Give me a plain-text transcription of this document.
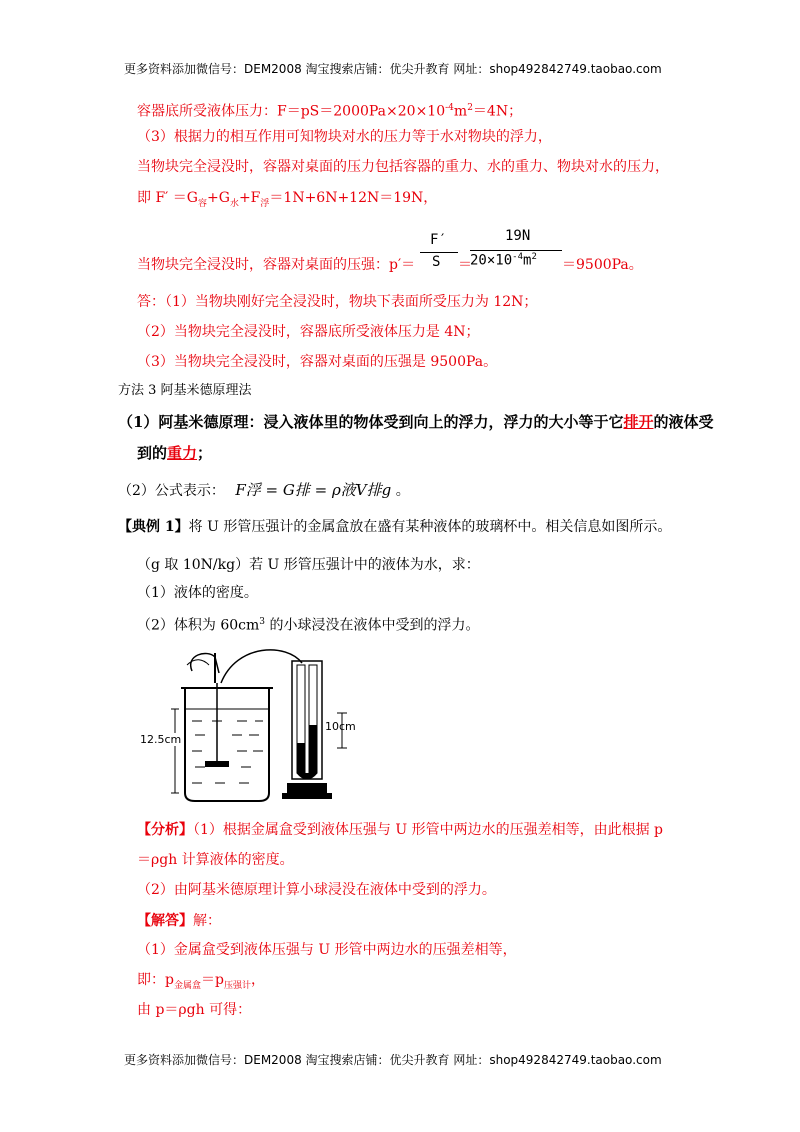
更多资料添加微信号：DEM2008 淘宝搜索店铺：优尖升教育 网址：shop492842749.taobao.com
容器底所受液体压力：$F=pS=2000Pa\times 20\times 10^{-4}m^2=4N$；
（3）根据力的相互作用可知物块对水的压力等于水对物块的浮力，
当物块完全浸没时，容器对桌面的压力包括容器的重力、水的重力、物块对水的压力，
即 $F' =G_容+G_水+F_浮=1N+6N+12N=19N$，
当物块完全浸没时，容器对桌面的压强：p′＝
F′
S ＝
19N
$20\times 10^{-4}m^2 =9500Pa$。
答：（1）当物块刚好完全浸没时，物块下表面所受压力为 12N；
（2）当物块完全浸没时，容器底所受液体压力是 4N；
（3）当物块完全浸没时，容器对桌面的压强是 9500Pa。
方法 3 阿基米德原理法
（1）阿基米德原理：浸入液体里的物体受到向上的浮力，浮力的大小等于它排开的液体受
到的重力；
（2）公式表示： F浮 = G排 = ρ液V排g 。
【典例 1】将 U 形管压强计的金属盒放在盛有某种液体的玻璃杯中。相关信息如图所示。
（g 取 10N/kg）若 U 形管压强计中的液体为水，求：
（1）液体的密度。
（2）体积为 $60cm^3$ 的小球浸没在液体中受到的浮力。
12.5cm
10cm
【分析】（1）根据金属盒受到液体压强与 U 形管中两边水的压强差相等，由此根据 p
＝ρgh 计算液体的密度。
（2）由阿基米德原理计算小球浸没在液体中受到的浮力。
【解答】解：
（1）金属盒受到液体压强与 U 形管中两边水的压强差相等，
即：$p_{金属盒}=p_{压强计}$，
由 p＝ρgh 可得：
更多资料添加微信号：DEM2008 淘宝搜索店铺：优尖升教育 网址：shop492842749.taobao.com
